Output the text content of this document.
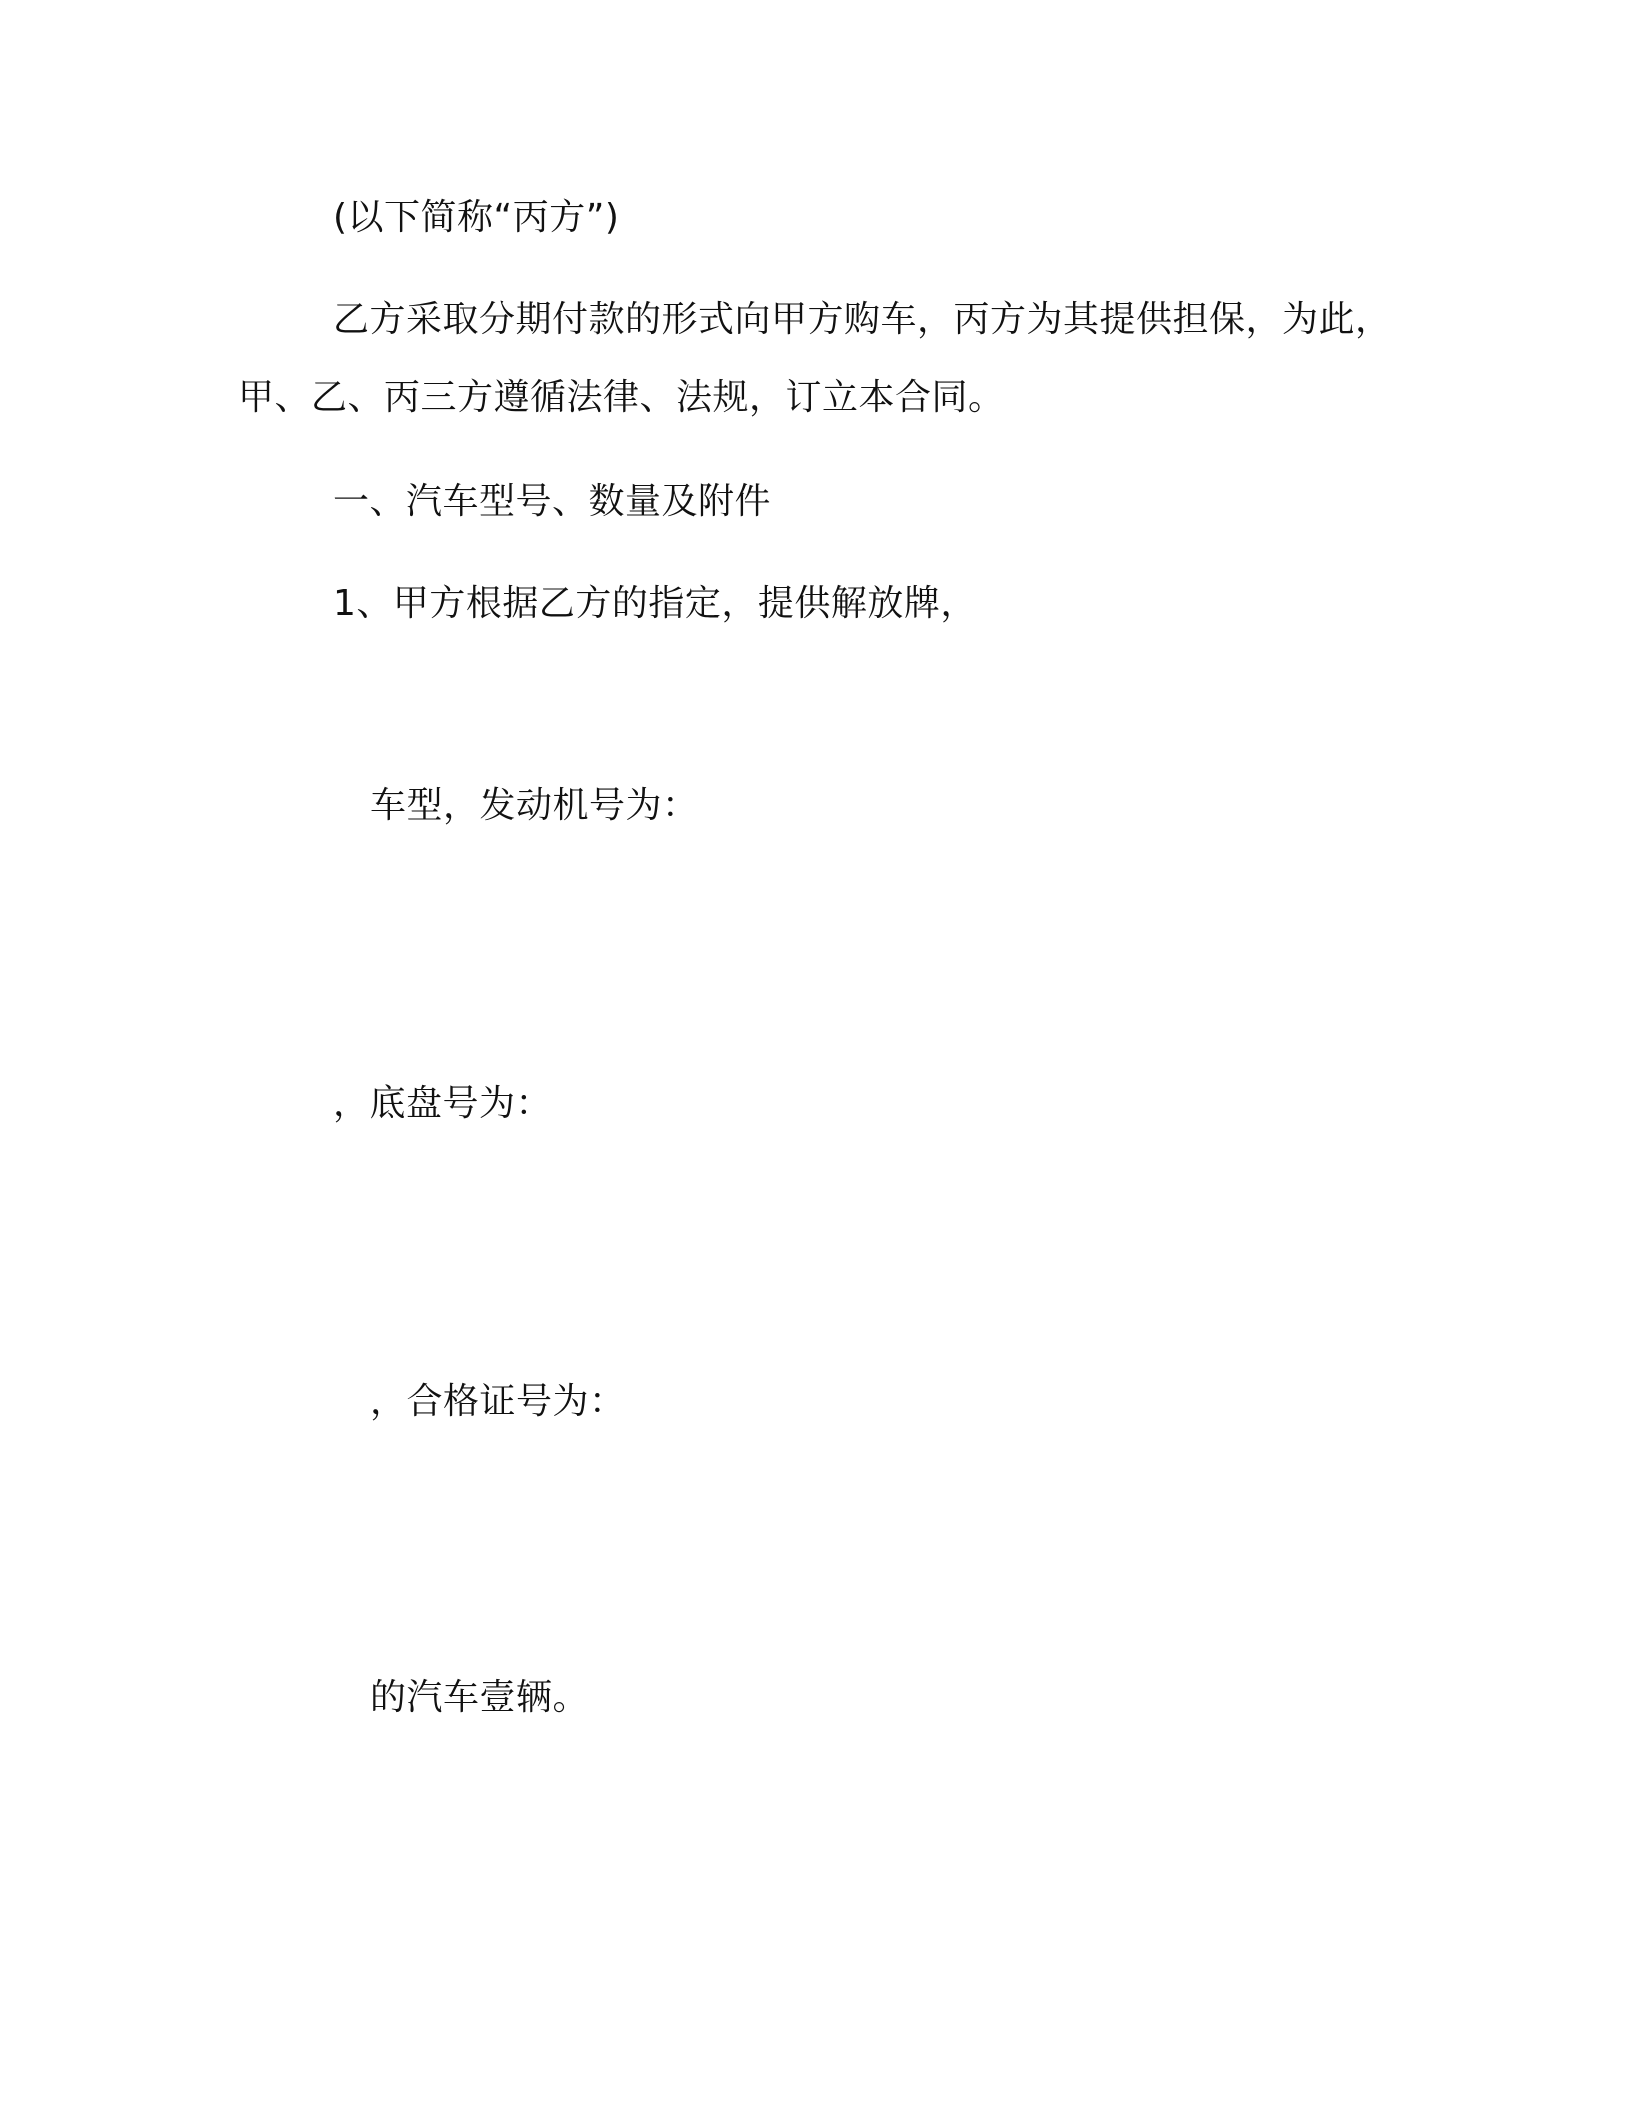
(以下简称“丙方”)
乙方采取分期付款的形式向甲方购车，丙方为其提供担保，为此，
甲、乙、丙三方遵循法律、法规，订立本合同。
一、汽车型号、数量及附件
1、甲方根据乙方的指定，提供解放牌，
车型，发动机号为：
，底盘号为：
，合格证号为：
的汽车壹辆。
